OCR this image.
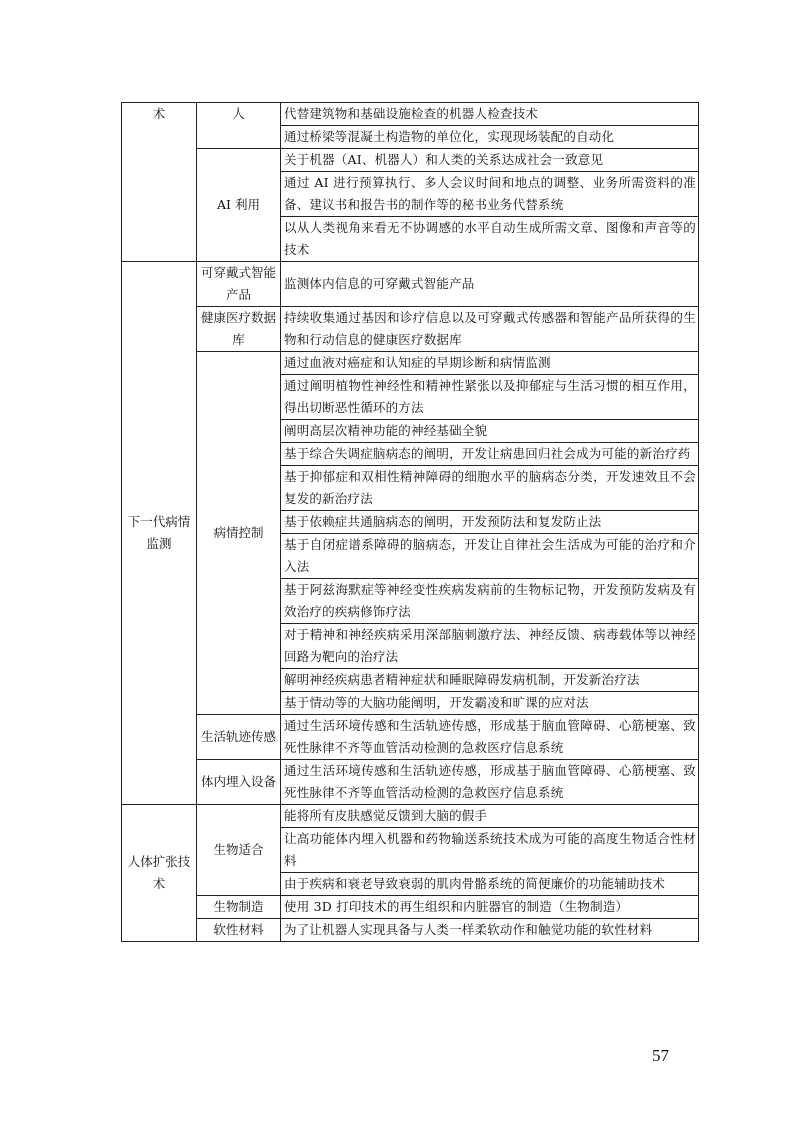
术	人	代替建筑物和基础设施检查的机器人检查技术
		通过桥梁等混凝土构造物的单位化，实现现场装配的自动化
	AI 利用	关于机器（AI、机器人）和人类的关系达成社会一致意见
		通过 AI 进行预算执行、多人会议时间和地点的调整、业务所需资料的准备、建议书和报告书的制作等的秘书业务代替系统
		以从人类视角来看无不协调感的水平自动生成所需文章、图像和声音等的技术
下一代病情监测	可穿戴式智能产品	监测体内信息的可穿戴式智能产品
	健康医疗数据库	持续收集通过基因和诊疗信息以及可穿戴式传感器和智能产品所获得的生物和行动信息的健康医疗数据库
	病情控制	通过血液对癌症和认知症的早期诊断和病情监测
		通过阐明植物性神经性和精神性紧张以及抑郁症与生活习惯的相互作用，得出切断恶性循环的方法
		阐明高层次精神功能的神经基础全貌
		基于综合失调症脑病态的阐明，开发让病患回归社会成为可能的新治疗药
		基于抑郁症和双相性精神障碍的细胞水平的脑病态分类，开发速效且不会复发的新治疗法
		基于依赖症共通脑病态的阐明，开发预防法和复发防止法
		基于自闭症谱系障碍的脑病态，开发让自律社会生活成为可能的治疗和介入法
		基于阿兹海默症等神经变性疾病发病前的生物标记物，开发预防发病及有效治疗的疾病修饰疗法
		对于精神和神经疾病采用深部脑刺激疗法、神经反馈、病毒载体等以神经回路为靶向的治疗法
		解明神经疾病患者精神症状和睡眠障碍发病机制，开发新治疗法
		基于情动等的大脑功能阐明，开发霸凌和旷课的应对法
	生活轨迹传感	通过生活环境传感和生活轨迹传感，形成基于脑血管障碍、心筋梗塞、致死性脉律不齐等血管活动检测的急救医疗信息系统
	体内埋入设备	通过生活环境传感和生活轨迹传感，形成基于脑血管障碍、心筋梗塞、致死性脉律不齐等血管活动检测的急救医疗信息系统
人体扩张技术	生物适合	能将所有皮肤感觉反馈到大脑的假手
		让高功能体内埋入机器和药物输送系统技术成为可能的高度生物适合性材料
		由于疾病和衰老导致衰弱的肌肉骨骼系统的简便廉价的功能辅助技术
	生物制造	使用 3D 打印技术的再生组织和内脏器官的制造（生物制造）
	软性材料	为了让机器人实现具备与人类一样柔软动作和触觉功能的软性材料
57
